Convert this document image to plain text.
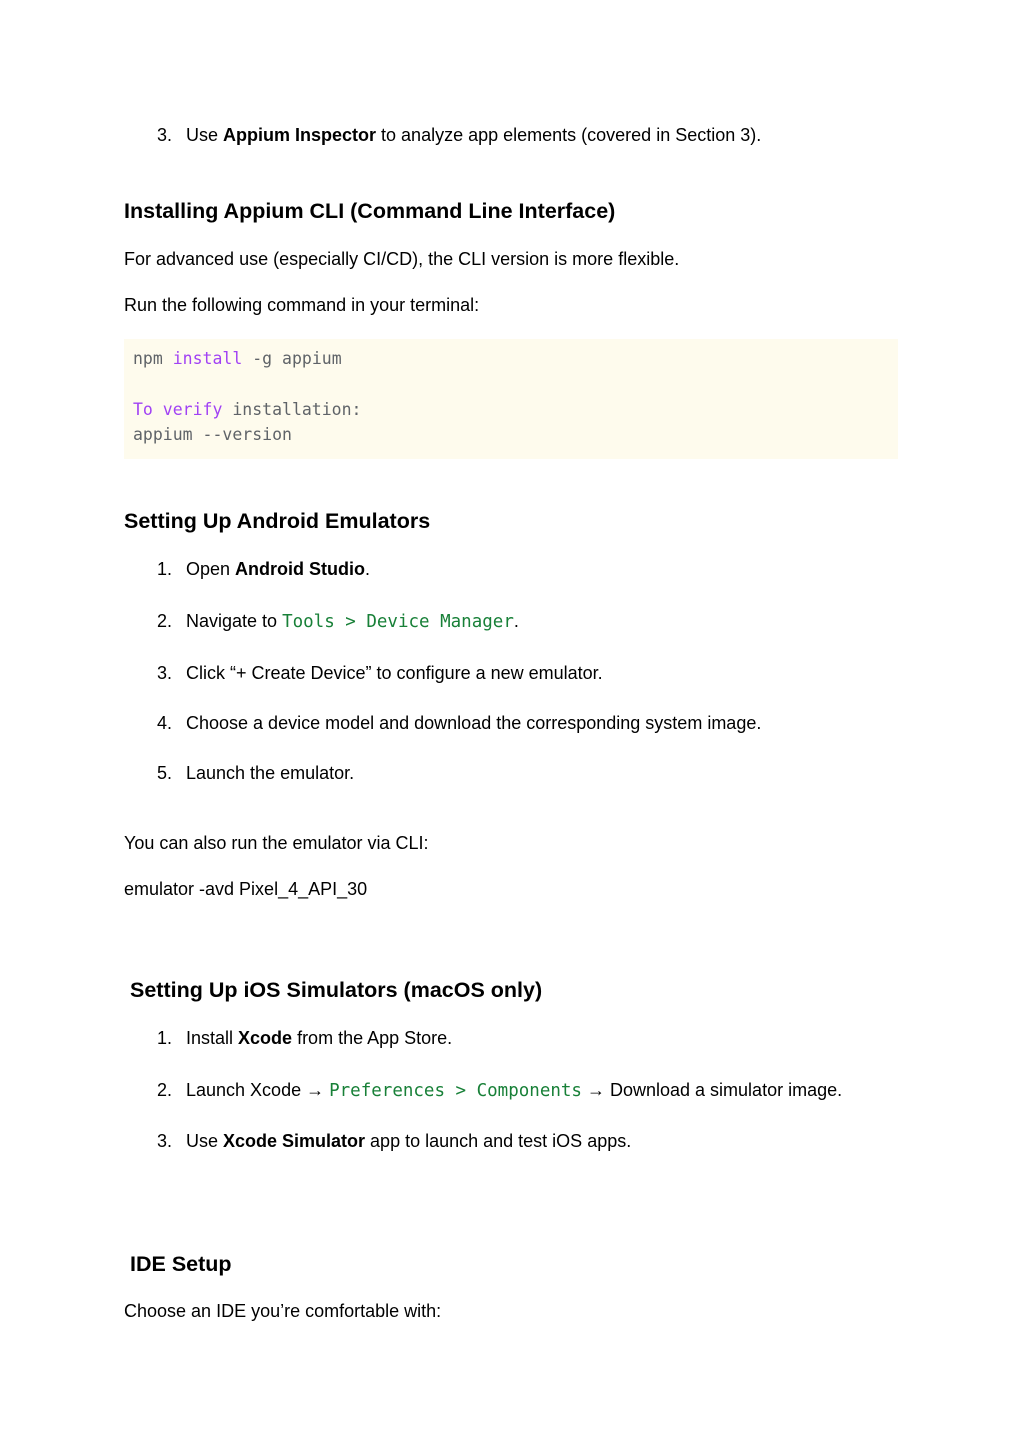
3. Use Appium Inspector to analyze app elements (covered in Section 3).
Installing Appium CLI (Command Line Interface)
For advanced use (especially CI/CD), the CLI version is more flexible.
Run the following command in your terminal:
npm install -g appium
To verify installation:
appium --version
Setting Up Android Emulators
1. Open Android Studio.
2. Navigate to Tools > Device Manager.
3. Click “+ Create Device” to configure a new emulator.
4. Choose a device model and download the corresponding system image.
5. Launch the emulator.
You can also run the emulator via CLI:
emulator -avd Pixel_4_API_30
Setting Up iOS Simulators (macOS only)
1. Install Xcode from the App Store.
2. Launch Xcode → Preferences > Components → Download a simulator image.
3. Use Xcode Simulator app to launch and test iOS apps.
IDE Setup
Choose an IDE you’re comfortable with:
